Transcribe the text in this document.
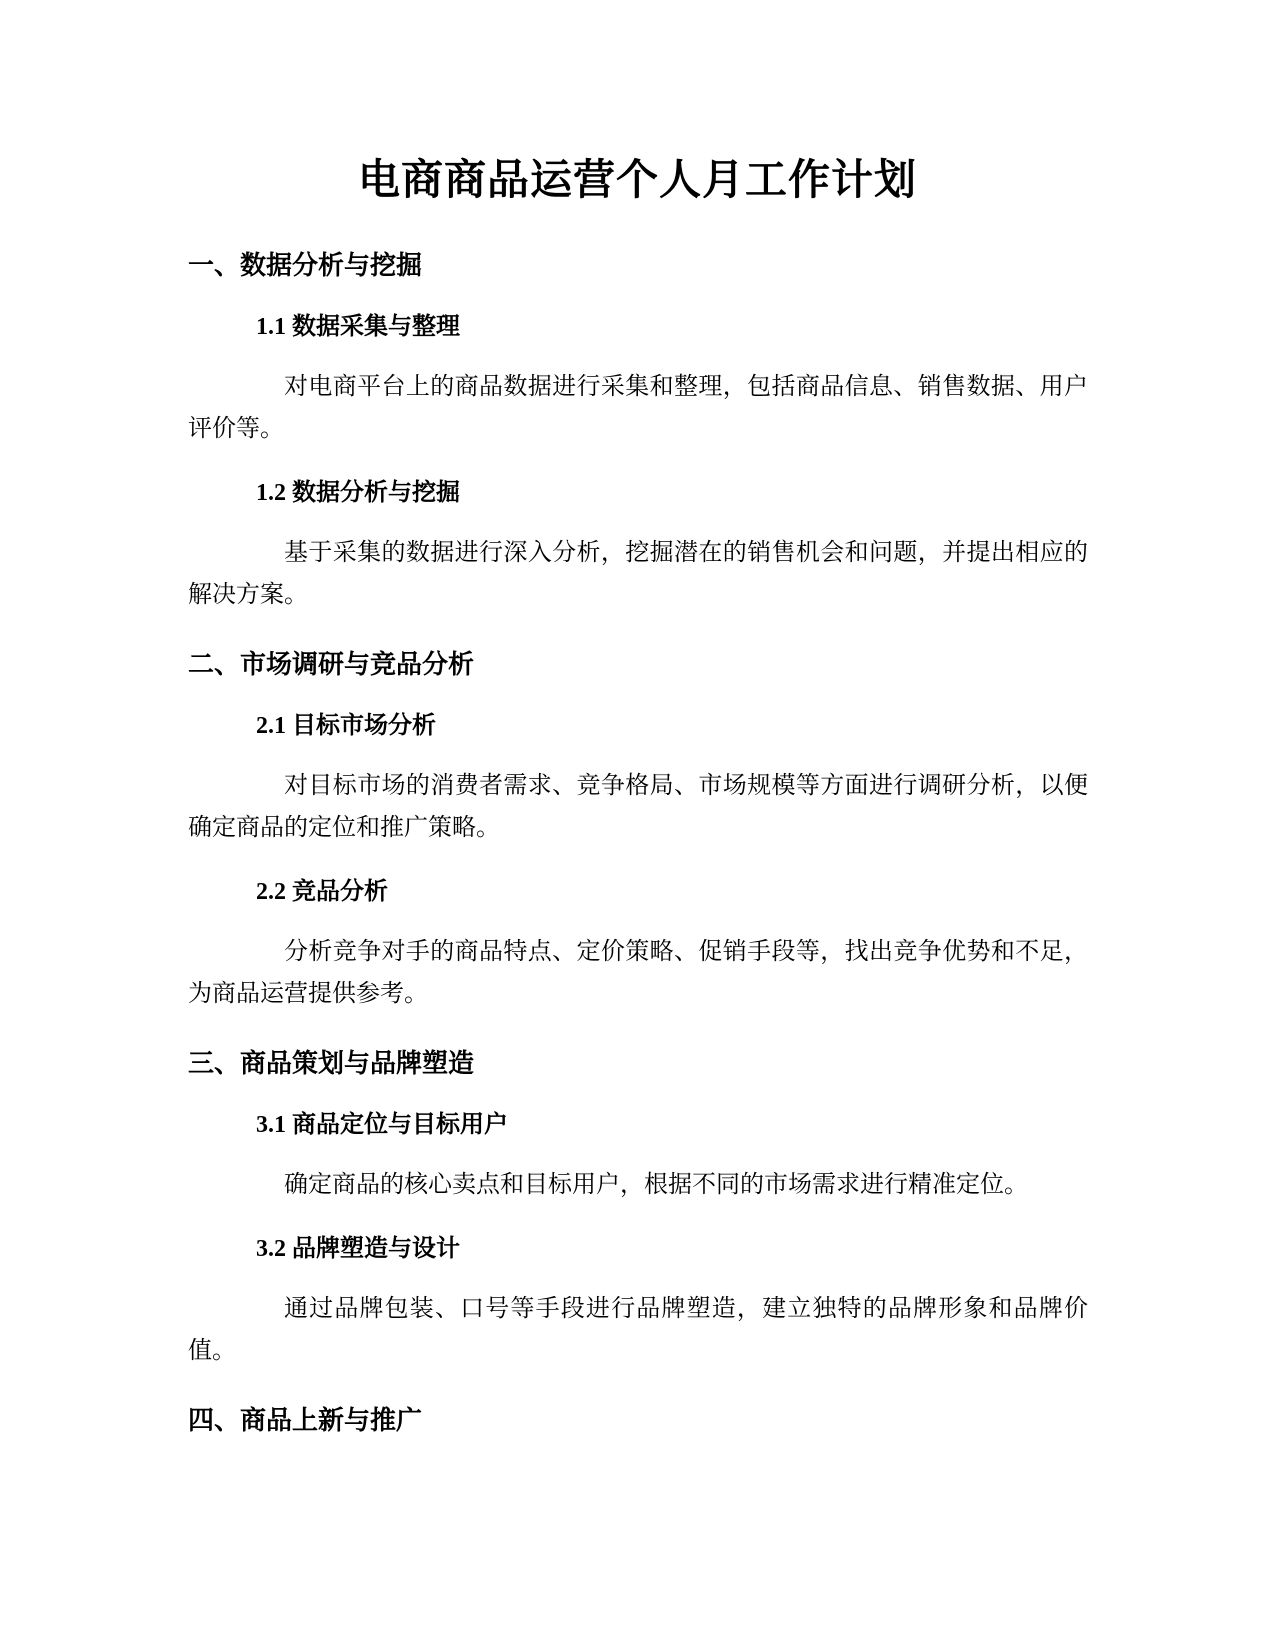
电商商品运营个人月工作计划
一、数据分析与挖掘
1.1 数据采集与整理

对电商平台上的商品数据进行采集和整理，包括商品信息、销售数据、用户评价等。

1.2 数据分析与挖掘

基于采集的数据进行深入分析，挖掘潜在的销售机会和问题，并提出相应的解决方案。

二、市场调研与竞品分析
2.1 目标市场分析

对目标市场的消费者需求、竞争格局、市场规模等方面进行调研分析，以便确定商品的定位和推广策略。

2.2 竞品分析

分析竞争对手的商品特点、定价策略、促销手段等，找出竞争优势和不足，为商品运营提供参考。

三、商品策划与品牌塑造
3.1 商品定位与目标用户

确定商品的核心卖点和目标用户，根据不同的市场需求进行精准定位。

3.2 品牌塑造与设计

通过品牌包装、口号等手段进行品牌塑造，建立独特的品牌形象和品牌价值。

四、商品上新与推广
